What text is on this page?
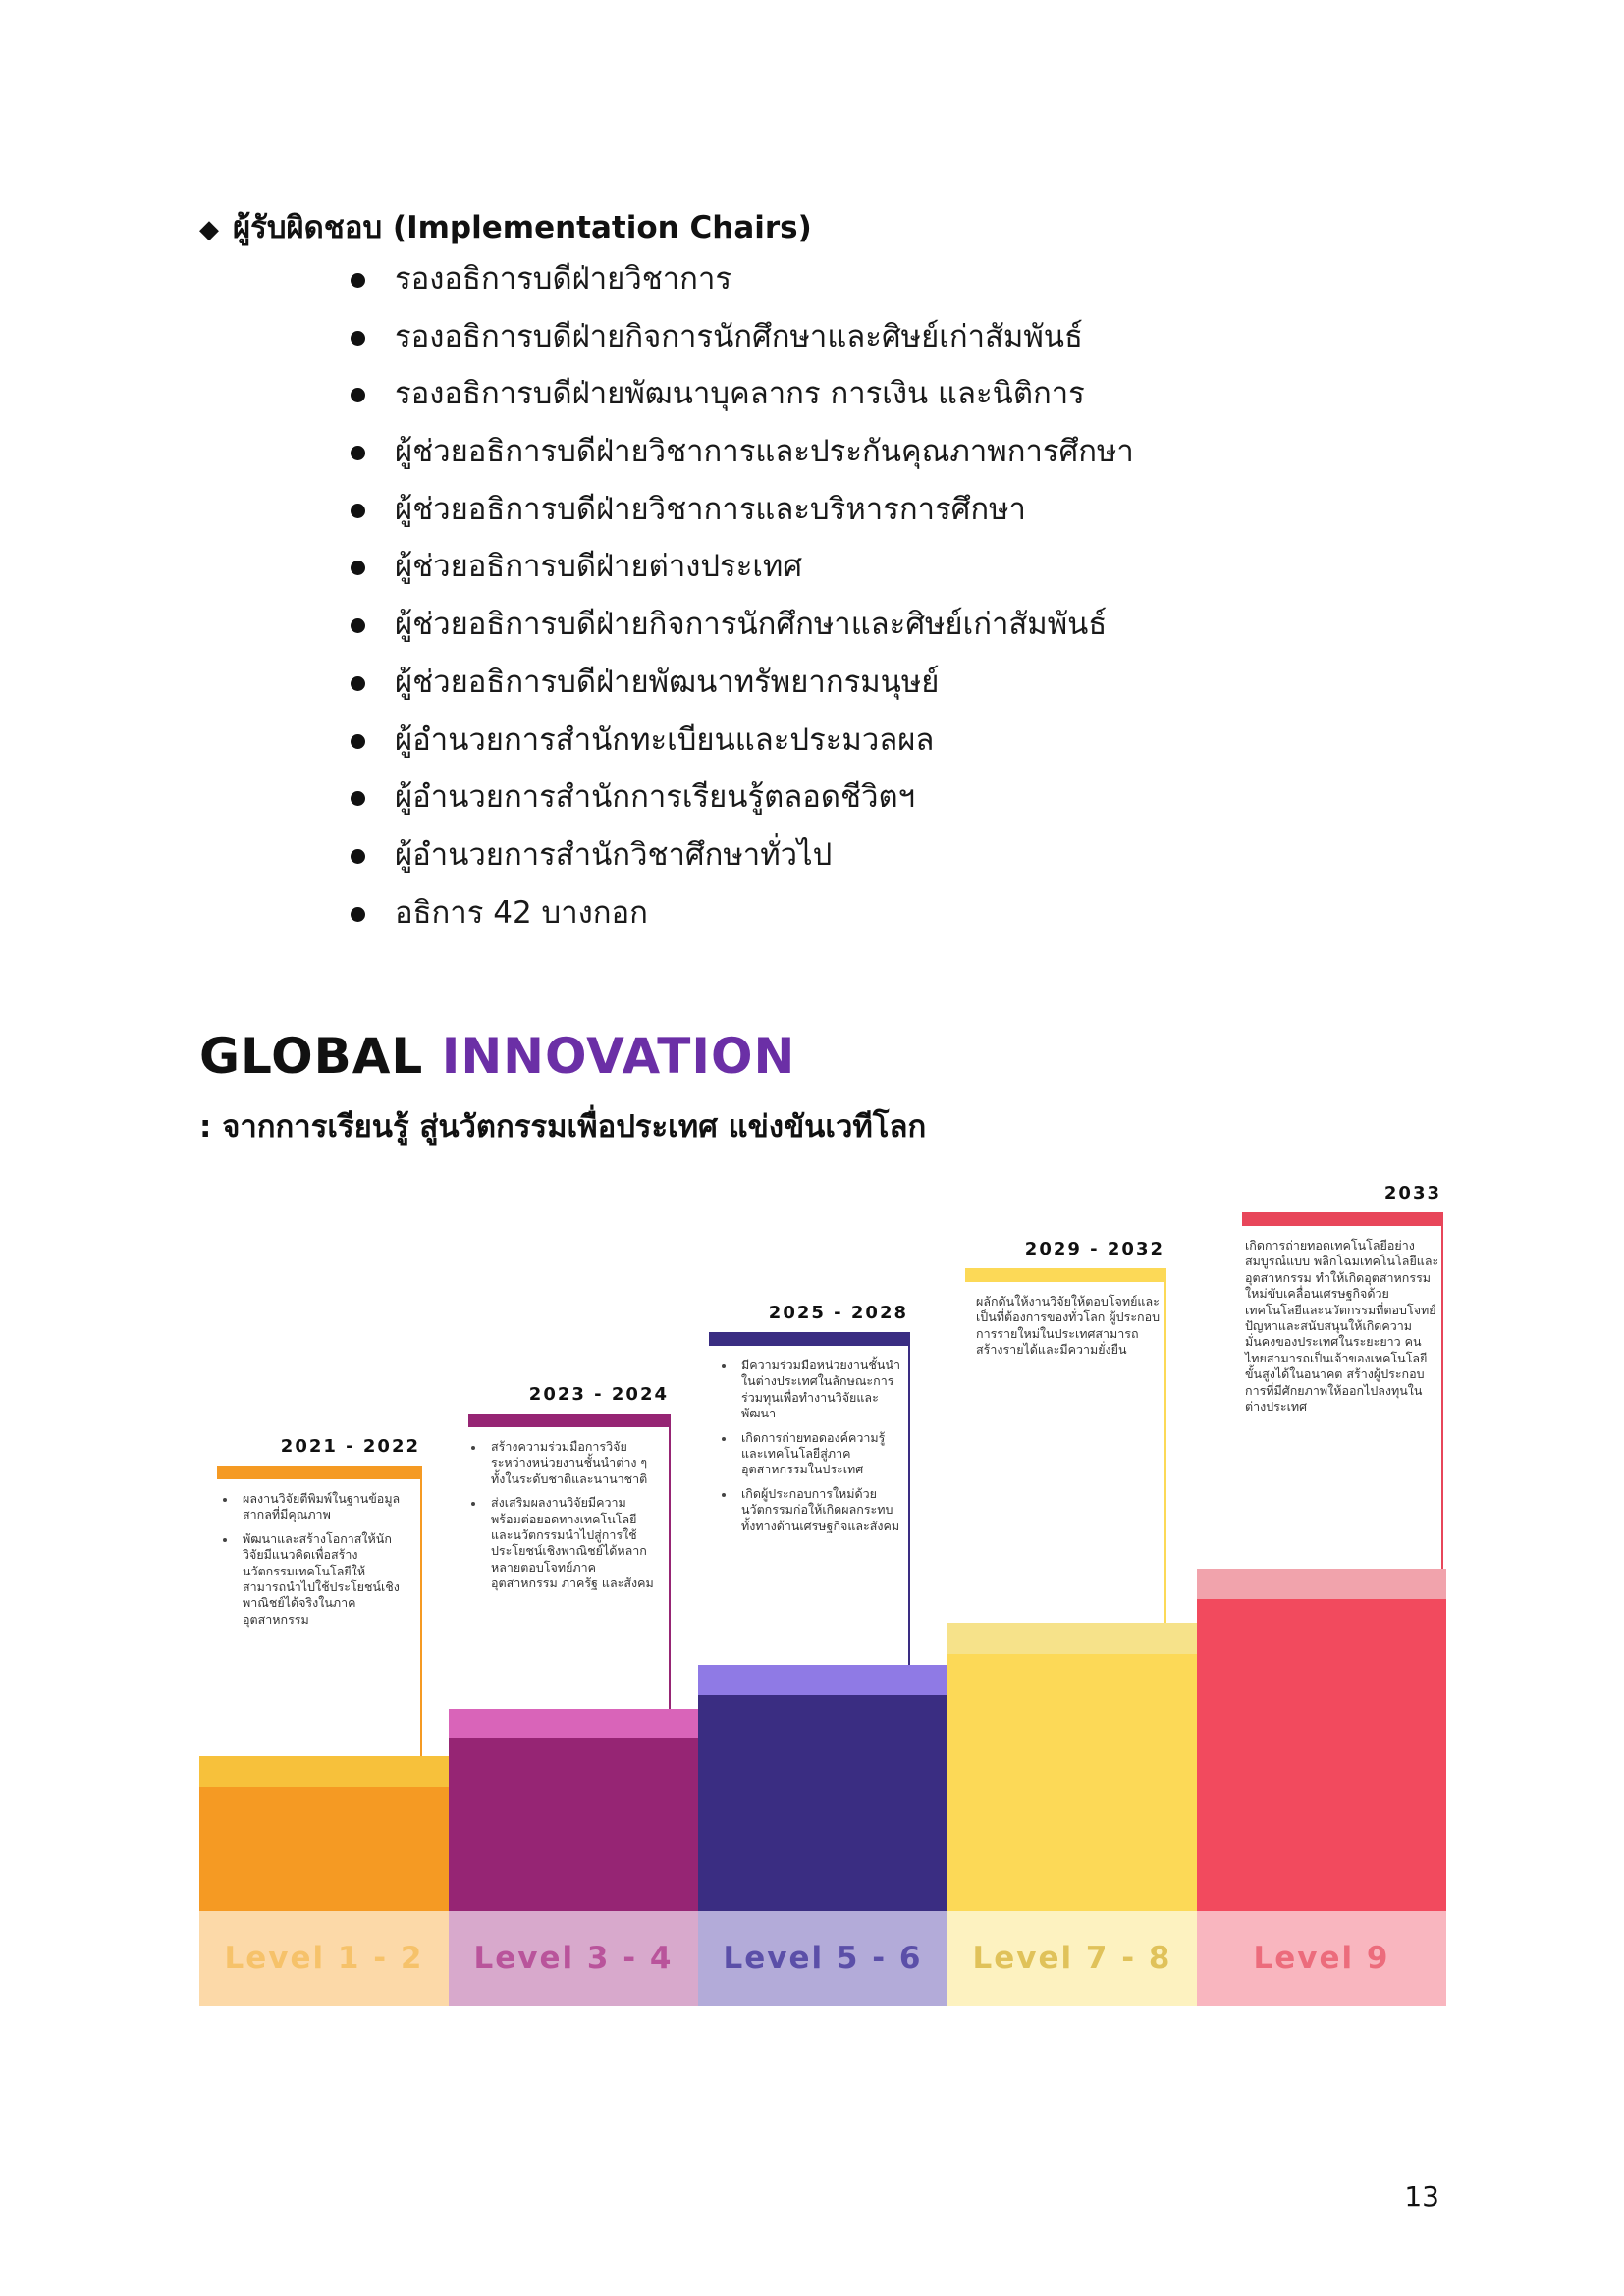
◆ ผู้รับผิดชอบ (Implementation Chairs)
รองอธิการบดีฝ่ายวิชาการ
รองอธิการบดีฝ่ายกิจการนักศึกษาและศิษย์เก่าสัมพันธ์
รองอธิการบดีฝ่ายพัฒนาบุคลากร การเงิน และนิติการ
ผู้ช่วยอธิการบดีฝ่ายวิชาการและประกันคุณภาพการศึกษา
ผู้ช่วยอธิการบดีฝ่ายวิชาการและบริหารการศึกษา
ผู้ช่วยอธิการบดีฝ่ายต่างประเทศ
ผู้ช่วยอธิการบดีฝ่ายกิจการนักศึกษาและศิษย์เก่าสัมพันธ์
ผู้ช่วยอธิการบดีฝ่ายพัฒนาทรัพยากรมนุษย์
ผู้อำนวยการสำนักทะเบียนและประมวลผล
ผู้อำนวยการสำนักการเรียนรู้ตลอดชีวิตฯ
ผู้อำนวยการสำนักวิชาศึกษาทั่วไป
อธิการ 42 บางกอก
GLOBAL INNOVATION
: จากการเรียนรู้ สู่นวัตกรรมเพื่อประเทศ แข่งขันเวทีโลก
Level 1 - 2
2021 - 2022
ผลงานวิจัยตีพิมพ์ในฐานข้อมูลสากลที่มีคุณภาพ
พัฒนาและสร้างโอกาสให้นักวิจัยมีแนวคิดเพื่อสร้างนวัตกรรมเทคโนโลยีให้สามารถนำไปใช้ประโยชน์เชิงพาณิชย์ได้จริงในภาคอุตสาหกรรม
Level 3 - 4
2023 - 2024
สร้างความร่วมมือการวิจัยระหว่างหน่วยงานชั้นนำต่าง ๆ ทั้งในระดับชาติและนานาชาติ
ส่งเสริมผลงานวิจัยมีความพร้อมต่อยอดทางเทคโนโลยีและนวัตกรรมนำไปสู่การใช้ประโยชน์เชิงพาณิชย์ได้หลากหลายตอบโจทย์ภาคอุตสาหกรรม ภาครัฐ และสังคม
Level 5 - 6
2025 - 2028
มีความร่วมมือหน่วยงานชั้นนำในต่างประเทศในลักษณะการร่วมทุนเพื่อทำงานวิจัยและพัฒนา
เกิดการถ่ายทอดองค์ความรู้และเทคโนโลยีสู่ภาคอุตสาหกรรมในประเทศ
เกิดผู้ประกอบการใหม่ด้วยนวัตกรรมก่อให้เกิดผลกระทบทั้งทางด้านเศรษฐกิจและสังคม
Level 7 - 8
2029 - 2032
ผลักดันให้งานวิจัยให้ตอบโจทย์และเป็นที่ต้องการของทั่วโลก ผู้ประกอบการรายใหม่ในประเทศสามารถสร้างรายได้และมีความยั่งยืน
Level 9
2033
เกิดการถ่ายทอดเทคโนโลยีอย่างสมบูรณ์แบบ พลิกโฉมเทคโนโลยีและอุตสาหกรรม ทำให้เกิดอุตสาหกรรมใหม่ขับเคลื่อนเศรษฐกิจด้วยเทคโนโลยีและนวัตกรรมที่ตอบโจทย์ปัญหาและสนับสนุนให้เกิดความมั่นคงของประเทศในระยะยาว คนไทยสามารถเป็นเจ้าของเทคโนโลยีขั้นสูงได้ในอนาคต สร้างผู้ประกอบการที่มีศักยภาพให้ออกไปลงทุนในต่างประเทศ
13
